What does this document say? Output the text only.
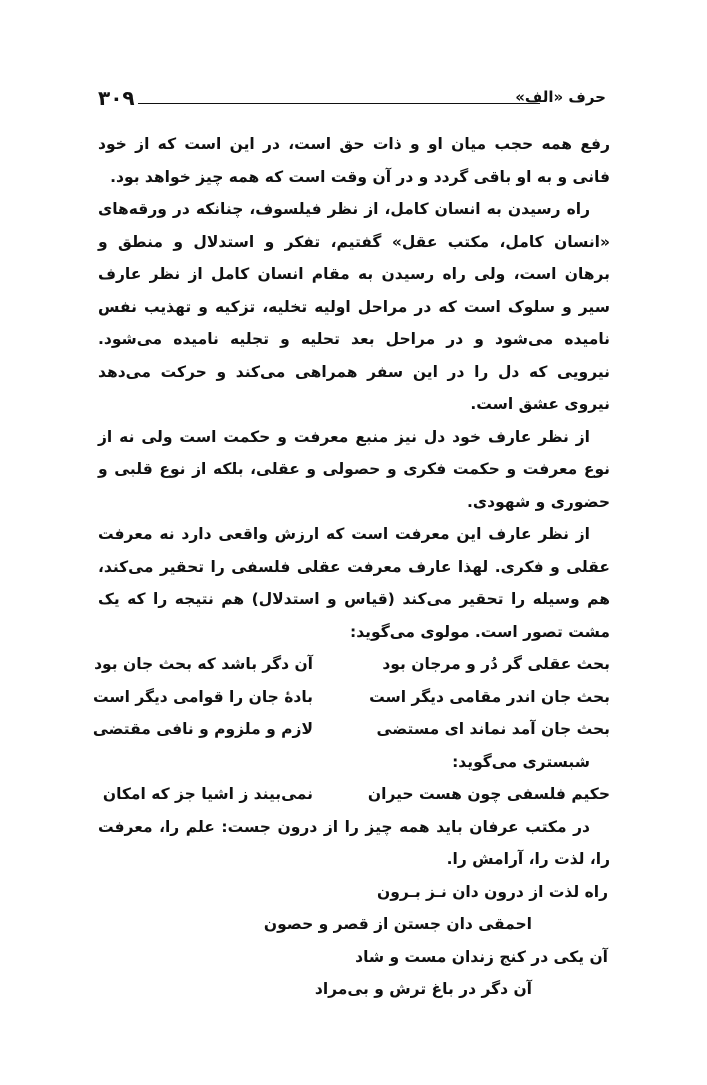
۳۰۹	حرف «الف»

رفع همه حجب میان او و ذات حق است، در این است که از خود فانی و به او باقی گردد و در آن وقت است که همه چیز خواهد بود.

راه رسیدن به انسان کامل، از نظر فیلسوف، چنانکه در ورقه‌های «انسان کامل، مکتب عقل» گفتیم، تفکر و استدلال و منطق و برهان است، ولی راه رسیدن به مقام انسان کامل از نظر عارف سیر و سلوک است که در مراحل اولیه تخلیه، تزکیه و تهذیب نفس نامیده می‌شود و در مراحل بعد تحلیه و تجلیه نامیده می‌شود. نیرویی که دل را در این سفر همراهی می‌کند و حرکت می‌دهد نیروی عشق است.

از نظر عارف خود دل نیز منبع معرفت و حکمت است ولی نه از نوع معرفت و حکمت فکری و حصولی و عقلی، بلکه از نوع قلبی و حضوری و شهودی.

از نظر عارف این معرفت است که ارزش واقعی دارد نه معرفت عقلی و فکری. لهذا عارف معرفت عقلی فلسفی را تحقیر می‌کند، هم وسیله را تحقیر می‌کند (قیاس و استدلال) هم نتیجه را که یک مشت تصور است. مولوی می‌گوید:

بحث عقلی گر دُر و مرجان بود
آن دگر باشد که بحث جان بود
بحث جان اندر مقامی دیگر است
بادهٔ جان را قوامی دیگر است
بحث جان آمد نماند ای مستضی
لازم و ملزوم و نافی مقتضی

شبستری می‌گوید:

حکیم فلسفی چون هست حیران
نمی‌بیند ز اشیا جز که امکان

در مکتب عرفان باید همه چیز را از درون جست: علم را، معرفت را، لذت را، آرامش را.

راه لذت از درون دان نـز بـرون
احمقی دان جستن از قصر و حصون
آن یکی در کنج زندان مست و شاد
آن دگر در باغ ترش و بی‌مراد
